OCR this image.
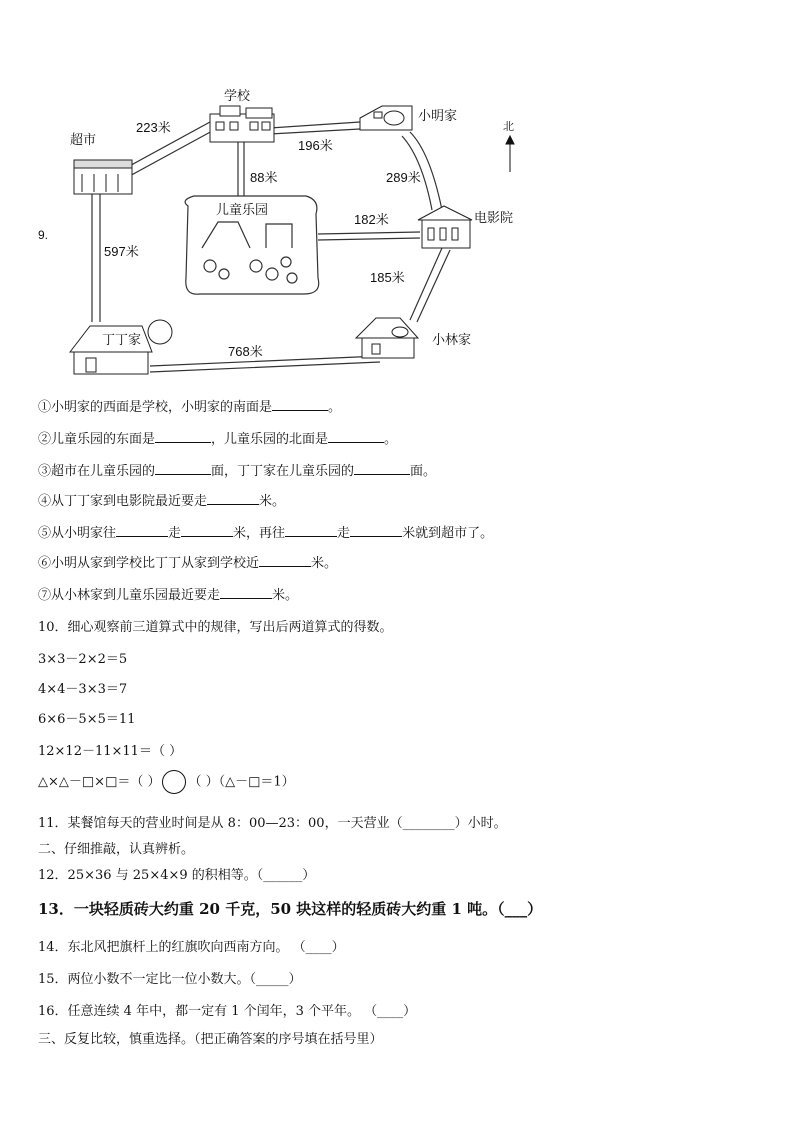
9.
超市
223米
学校
196米
88米
小明家
289米
北
儿童乐园
182米	电影院
185米
小林家
768米
丁丁家
597米
①小明家的西面是学校，小明家的南面是	。
②儿童乐园的东面是	，儿童乐园的北面是	。
③超市在儿童乐园的	面，丁丁家在儿童乐园的	面。
④从丁丁家到电影院最近要走	米。
⑤从小明家往	走	米，再往	走	米就到超市了。
⑥小明从家到学校比丁丁从家到学校近	米。
⑦从小林家到儿童乐园最近要走	米。
10．细心观察前三道算式中的规律，写出后两道算式的得数。
3×3－2×2＝5
4×4－3×3＝7
6×6－5×5＝11
12×12－11×11＝（ ）
△×△－□×□＝（ ） （ ）（△－□＝1）
11．某餐馆每天的营业时间是从 8：00—23：00，一天营业（________）小时。
二、仔细推敲，认真辨析。
12．25×36 与 25×4×9 的积相等。（______）
13．一块轻质砖大约重 20 千克，50 块这样的轻质砖大约重 1 吨。（___）
14．东北风把旗杆上的红旗吹向西南方向。 （____）
15．两位小数不一定比一位小数大。（_____）
16．任意连续 4 年中，都一定有 1 个闰年，3 个平年。 （____）
三、反复比较，慎重选择。（把正确答案的序号填在括号里）
